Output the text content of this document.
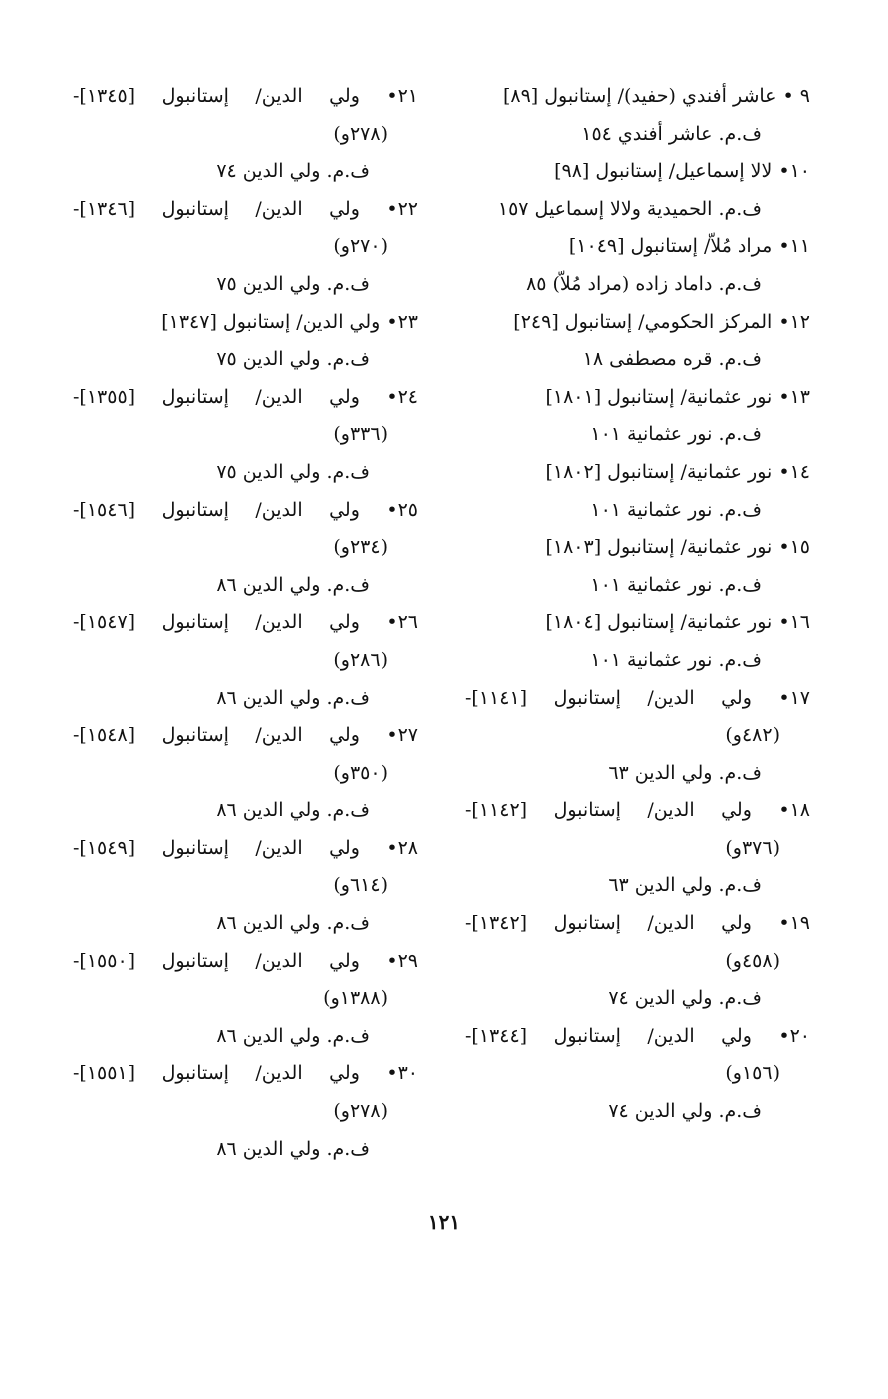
٩ • عاشر أفندي (حفيد)/ إستانبول [٨٩]
ف.م. عاشر أفندي ١٥٤
١٠• لالا إسماعيل/ إستانبول [٩٨]
ف.م. الحميدية ولالا إسماعيل ١٥٧
١١• مراد مُلاّ/ إستانبول [١٠٤٩]
ف.م. داماد زاده (مراد مُلاّ) ٨٥
١٢• المركز الحكومي/ إستانبول [٢٤٩]
ف.م. قره مصطفى ١٨
١٣• نور عثمانية/ إستانبول [١٨٠١]
ف.م. نور عثمانية ١٠١
١٤• نور عثمانية/ إستانبول [١٨٠٢]
ف.م. نور عثمانية ١٠١
١٥• نور عثمانية/ إستانبول [١٨٠٣]
ف.م. نور عثمانية ١٠١
١٦• نور عثمانية/ إستانبول [١٨٠٤]
ف.م. نور عثمانية ١٠١
١٧• ولي الدين/ إستانبول [١١٤١]-
(٤٨٢و)
ف.م. ولي الدين ٦٣
١٨• ولي الدين/ إستانبول [١١٤٢]-
(٣٧٦و)
ف.م. ولي الدين ٦٣
١٩• ولي الدين/ إستانبول [١٣٤٢]-
(٤٥٨و)
ف.م. ولي الدين ٧٤
٢٠• ولي الدين/ إستانبول [١٣٤٤]-
(١٥٦و)
ف.م. ولي الدين ٧٤
٢١• ولي الدين/ إستانبول [١٣٤٥]-
(٢٧٨و)
ف.م. ولي الدين ٧٤
٢٢• ولي الدين/ إستانبول [١٣٤٦]-
(٢٧٠و)
ف.م. ولي الدين ٧٥
٢٣• ولي الدين/ إستانبول [١٣٤٧]
ف.م. ولي الدين ٧٥
٢٤• ولي الدين/ إستانبول [١٣٥٥]-
(٣٣٦و)
ف.م. ولي الدين ٧٥
٢٥• ولي الدين/ إستانبول [١٥٤٦]-
(٢٣٤و)
ف.م. ولي الدين ٨٦
٢٦• ولي الدين/ إستانبول [١٥٤٧]-
(٢٨٦و)
ف.م. ولي الدين ٨٦
٢٧• ولي الدين/ إستانبول [١٥٤٨]-
(٣٥٠و)
ف.م. ولي الدين ٨٦
٢٨• ولي الدين/ إستانبول [١٥٤٩]-
(٦١٤و)
ف.م. ولي الدين ٨٦
٢٩• ولي الدين/ إستانبول [١٥٥٠]-
(١٣٨٨و)
ف.م. ولي الدين ٨٦
٣٠• ولي الدين/ إستانبول [١٥٥١]-
(٢٧٨و)
ف.م. ولي الدين ٨٦
١٢١
